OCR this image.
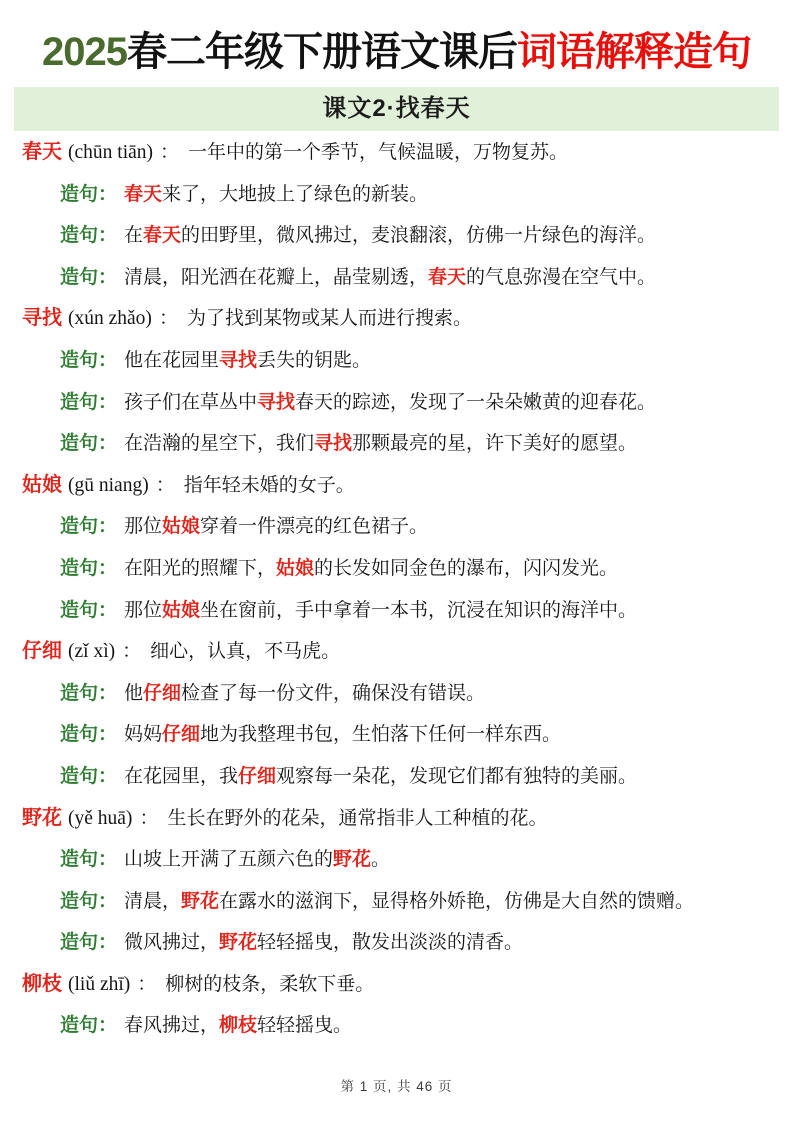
2025春二年级下册语文课后词语解释造句
课文2·找春天
春天 (chūn tiān) ： 一年中的第一个季节，气候温暖，万物复苏。
造句： 春天来了，大地披上了绿色的新装。
造句： 在春天的田野里，微风拂过，麦浪翻滚，仿佛一片绿色的海洋。
造句： 清晨，阳光洒在花瓣上，晶莹剔透，春天的气息弥漫在空气中。
寻找 (xún zhǎo) ： 为了找到某物或某人而进行搜索。
造句： 他在花园里寻找丢失的钥匙。
造句： 孩子们在草丛中寻找春天的踪迹，发现了一朵朵嫩黄的迎春花。
造句： 在浩瀚的星空下，我们寻找那颗最亮的星，许下美好的愿望。
姑娘 (gū niang) ： 指年轻未婚的女子。
造句： 那位姑娘穿着一件漂亮的红色裙子。
造句： 在阳光的照耀下，姑娘的长发如同金色的瀑布，闪闪发光。
造句： 那位姑娘坐在窗前，手中拿着一本书，沉浸在知识的海洋中。
仔细 (zǐ xì) ： 细心，认真，不马虎。
造句： 他仔细检查了每一份文件，确保没有错误。
造句： 妈妈仔细地为我整理书包，生怕落下任何一样东西。
造句： 在花园里，我仔细观察每一朵花，发现它们都有独特的美丽。
野花 (yě huā) ： 生长在野外的花朵，通常指非人工种植的花。
造句： 山坡上开满了五颜六色的野花。
造句： 清晨，野花在露水的滋润下，显得格外娇艳，仿佛是大自然的馈赠。
造句： 微风拂过，野花轻轻摇曳，散发出淡淡的清香。
柳枝 (liǔ zhī) ： 柳树的枝条，柔软下垂。
造句： 春风拂过，柳枝轻轻摇曳。
第 1 页, 共 46 页
